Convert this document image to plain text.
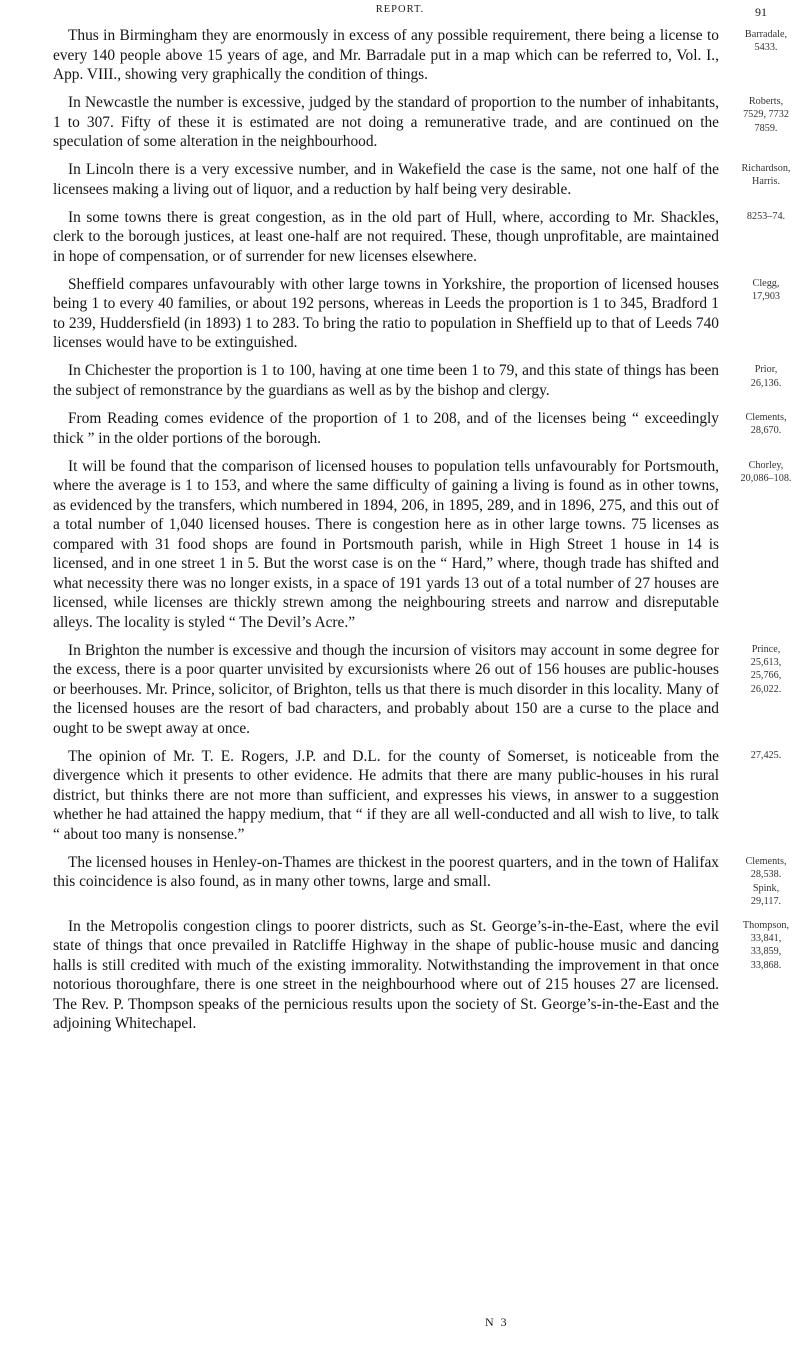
REPORT.	91

Thus in Birmingham they are enormously in excess of any possible requirement, there being a license to every 140 people above 15 years of age, and Mr. Barradale put in a map which can be referred to, Vol. I., App. VIII., showing very graphically the condition of things.

Barradale,
5433.

In Newcastle the number is excessive, judged by the standard of proportion to the number of inhabitants, 1 to 307. Fifty of these it is estimated are not doing a remunerative trade, and are continued on the speculation of some alteration in the neighbourhood.

Roberts,
7529, 7732
7859.

In Lincoln there is a very excessive number, and in Wakefield the case is the same, not one half of the licensees making a living out of liquor, and a reduction by half being very desirable.

Richardson,
Harris.

In some towns there is great congestion, as in the old part of Hull, where, according to Mr. Shackles, clerk to the borough justices, at least one-half are not required. These, though unprofitable, are maintained in hope of compensation, or of surrender for new licenses elsewhere.

8253–74.

Sheffield compares unfavourably with other large towns in Yorkshire, the proportion of licensed houses being 1 to every 40 families, or about 192 persons, whereas in Leeds the proportion is 1 to 345, Bradford 1 to 239, Huddersfield (in 1893) 1 to 283. To bring the ratio to population in Sheffield up to that of Leeds 740 licenses would have to be extinguished.

Clegg,
17,903

In Chichester the proportion is 1 to 100, having at one time been 1 to 79, and this state of things has been the subject of remonstrance by the guardians as well as by the bishop and clergy.

Prior,
26,136.

From Reading comes evidence of the proportion of 1 to 208, and of the licenses being “ exceedingly thick ” in the older portions of the borough.

Clements,
28,670.

It will be found that the comparison of licensed houses to population tells unfavourably for Portsmouth, where the average is 1 to 153, and where the same difficulty of gaining a living is found as in other towns, as evidenced by the transfers, which numbered in 1894, 206, in 1895, 289, and in 1896, 275, and this out of a total number of 1,040 licensed houses. There is congestion here as in other large towns. 75 licenses as compared with 31 food shops are found in Portsmouth parish, while in High Street 1 house in 14 is licensed, and in one street 1 in 5. But the worst case is on the “ Hard,” where, though trade has shifted and what necessity there was no longer exists, in a space of 191 yards 13 out of a total number of 27 houses are licensed, while licenses are thickly strewn among the neighbouring streets and narrow and disreputable alleys. The locality is styled “ The Devil’s Acre.”

Chorley,
20,086–108.

In Brighton the number is excessive and though the incursion of visitors may account in some degree for the excess, there is a poor quarter unvisited by excursionists where 26 out of 156 houses are public-houses or beerhouses. Mr. Prince, solicitor, of Brighton, tells us that there is much disorder in this locality. Many of the licensed houses are the resort of bad characters, and probably about 150 are a curse to the place and ought to be swept away at once.

Prince,
25,613,
25,766,
26,022.

The opinion of Mr. T. E. Rogers, J.P. and D.L. for the county of Somerset, is noticeable from the divergence which it presents to other evidence. He admits that there are many public-houses in his rural district, but thinks there are not more than sufficient, and expresses his views, in answer to a suggestion whether he had attained the happy medium, that “ if they are all well-conducted and all wish to live, to talk “ about too many is nonsense.”

27,425.

The licensed houses in Henley-on-Thames are thickest in the poorest quarters, and in the town of Halifax this coincidence is also found, as in many other towns, large and small.

Clements,
28,538.
Spink,
29,117.

In the Metropolis congestion clings to poorer districts, such as St. George’s-in-the-East, where the evil state of things that once prevailed in Ratcliffe Highway in the shape of public-house music and dancing halls is still credited with much of the existing immorality. Notwithstanding the improvement in that once notorious thoroughfare, there is one street in the neighbourhood where out of 215 houses 27 are licensed. The Rev. P. Thompson speaks of the pernicious results upon the society of St. George’s-in-the-East and the adjoining Whitechapel.

Thompson,
33,841,
33,859,
33,868.
N 3
